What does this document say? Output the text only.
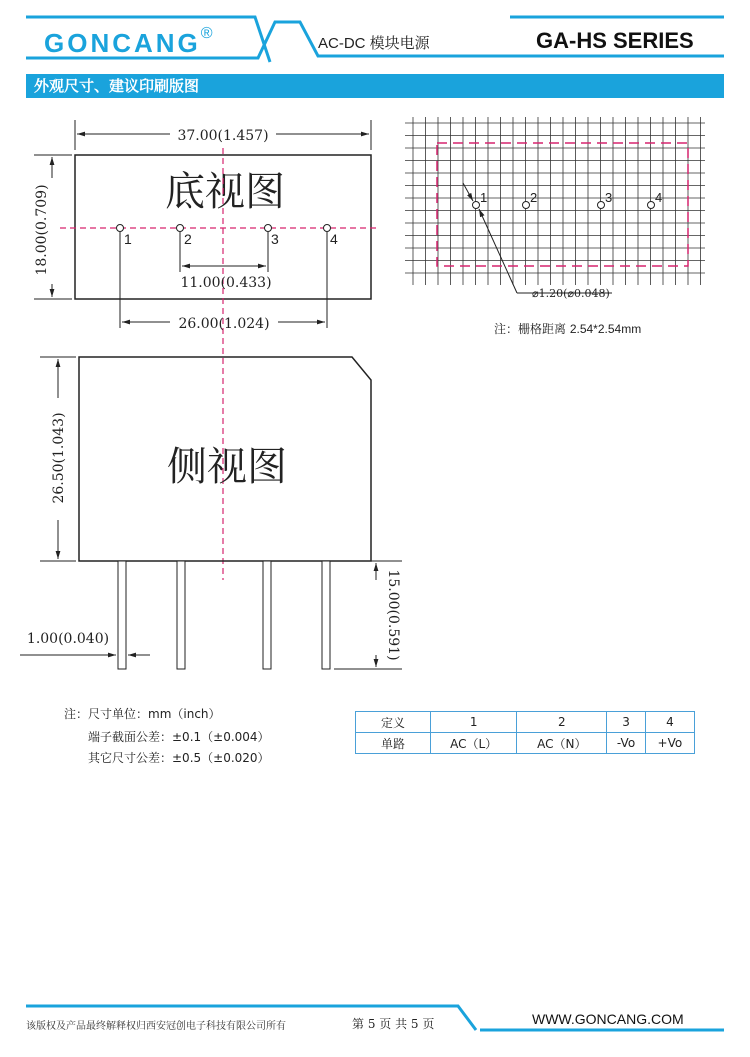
GONCANG®
AC-DC 模块电源	GA-HS SERIES
外观尺寸、建议印刷版图
底视图
37.00(1.457)
18.00(0.709)	1	2	3	4
11.00(0.433)
26.00(1.024)
侧视图
26.50(1.043)
15.00(0.591)
1.00(0.040)
1	2	3	4
⌀1.20(⌀0.048)
注：栅格距离 2.54*2.54mm
注：尺寸单位：mm（inch）
端子截面公差：±0.1（±0.004）
其它尺寸公差：±0.5（±0.020）
定义	1	2	3	4
单路	AC（L）	AC（N）	-Vo	+Vo
该版权及产品最终解释权归西安冠创电子科技有限公司所有	第 5 页 共 5 页	WWW.GONCANG.COM
